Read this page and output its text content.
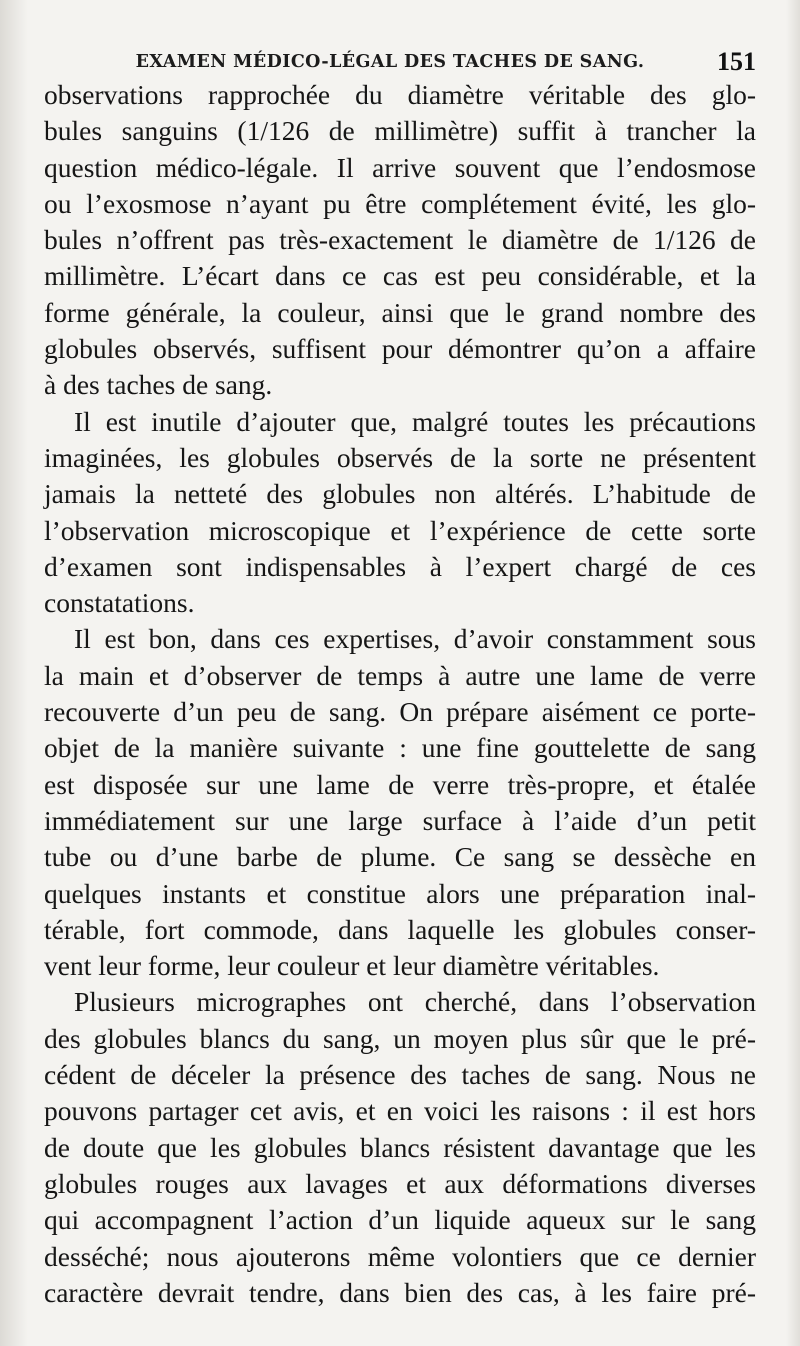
EXAMEN MÉDICO-LÉGAL DES TACHES DE SANG.	151
observations rapprochée du diamètre véritable des glo-
bules sanguins (1/126 de millimètre) suffit à trancher la
question médico-légale. Il arrive souvent que l’endosmose
ou l’exosmose n’ayant pu être complétement évité, les glo-
bules n’offrent pas très-exactement le diamètre de 1/126 de
millimètre. L’écart dans ce cas est peu considérable, et la
forme générale, la couleur, ainsi que le grand nombre des
globules observés, suffisent pour démontrer qu’on a affaire
à des taches de sang.
Il est inutile d’ajouter que, malgré toutes les précautions
imaginées, les globules observés de la sorte ne présentent
jamais la netteté des globules non altérés. L’habitude de
l’observation microscopique et l’expérience de cette sorte
d’examen sont indispensables à l’expert chargé de ces
constatations.
Il est bon, dans ces expertises, d’avoir constamment sous
la main et d’observer de temps à autre une lame de verre
recouverte d’un peu de sang. On prépare aisément ce porte-
objet de la manière suivante : une fine gouttelette de sang
est disposée sur une lame de verre très-propre, et étalée
immédiatement sur une large surface à l’aide d’un petit
tube ou d’une barbe de plume. Ce sang se dessèche en
quelques instants et constitue alors une préparation inal-
térable, fort commode, dans laquelle les globules conser-
vent leur forme, leur couleur et leur diamètre véritables.
Plusieurs micrographes ont cherché, dans l’observation
des globules blancs du sang, un moyen plus sûr que le pré-
cédent de déceler la présence des taches de sang. Nous ne
pouvons partager cet avis, et en voici les raisons : il est hors
de doute que les globules blancs résistent davantage que les
globules rouges aux lavages et aux déformations diverses
qui accompagnent l’action d’un liquide aqueux sur le sang
desséché; nous ajouterons même volontiers que ce dernier
caractère devrait tendre, dans bien des cas, à les faire pré-
